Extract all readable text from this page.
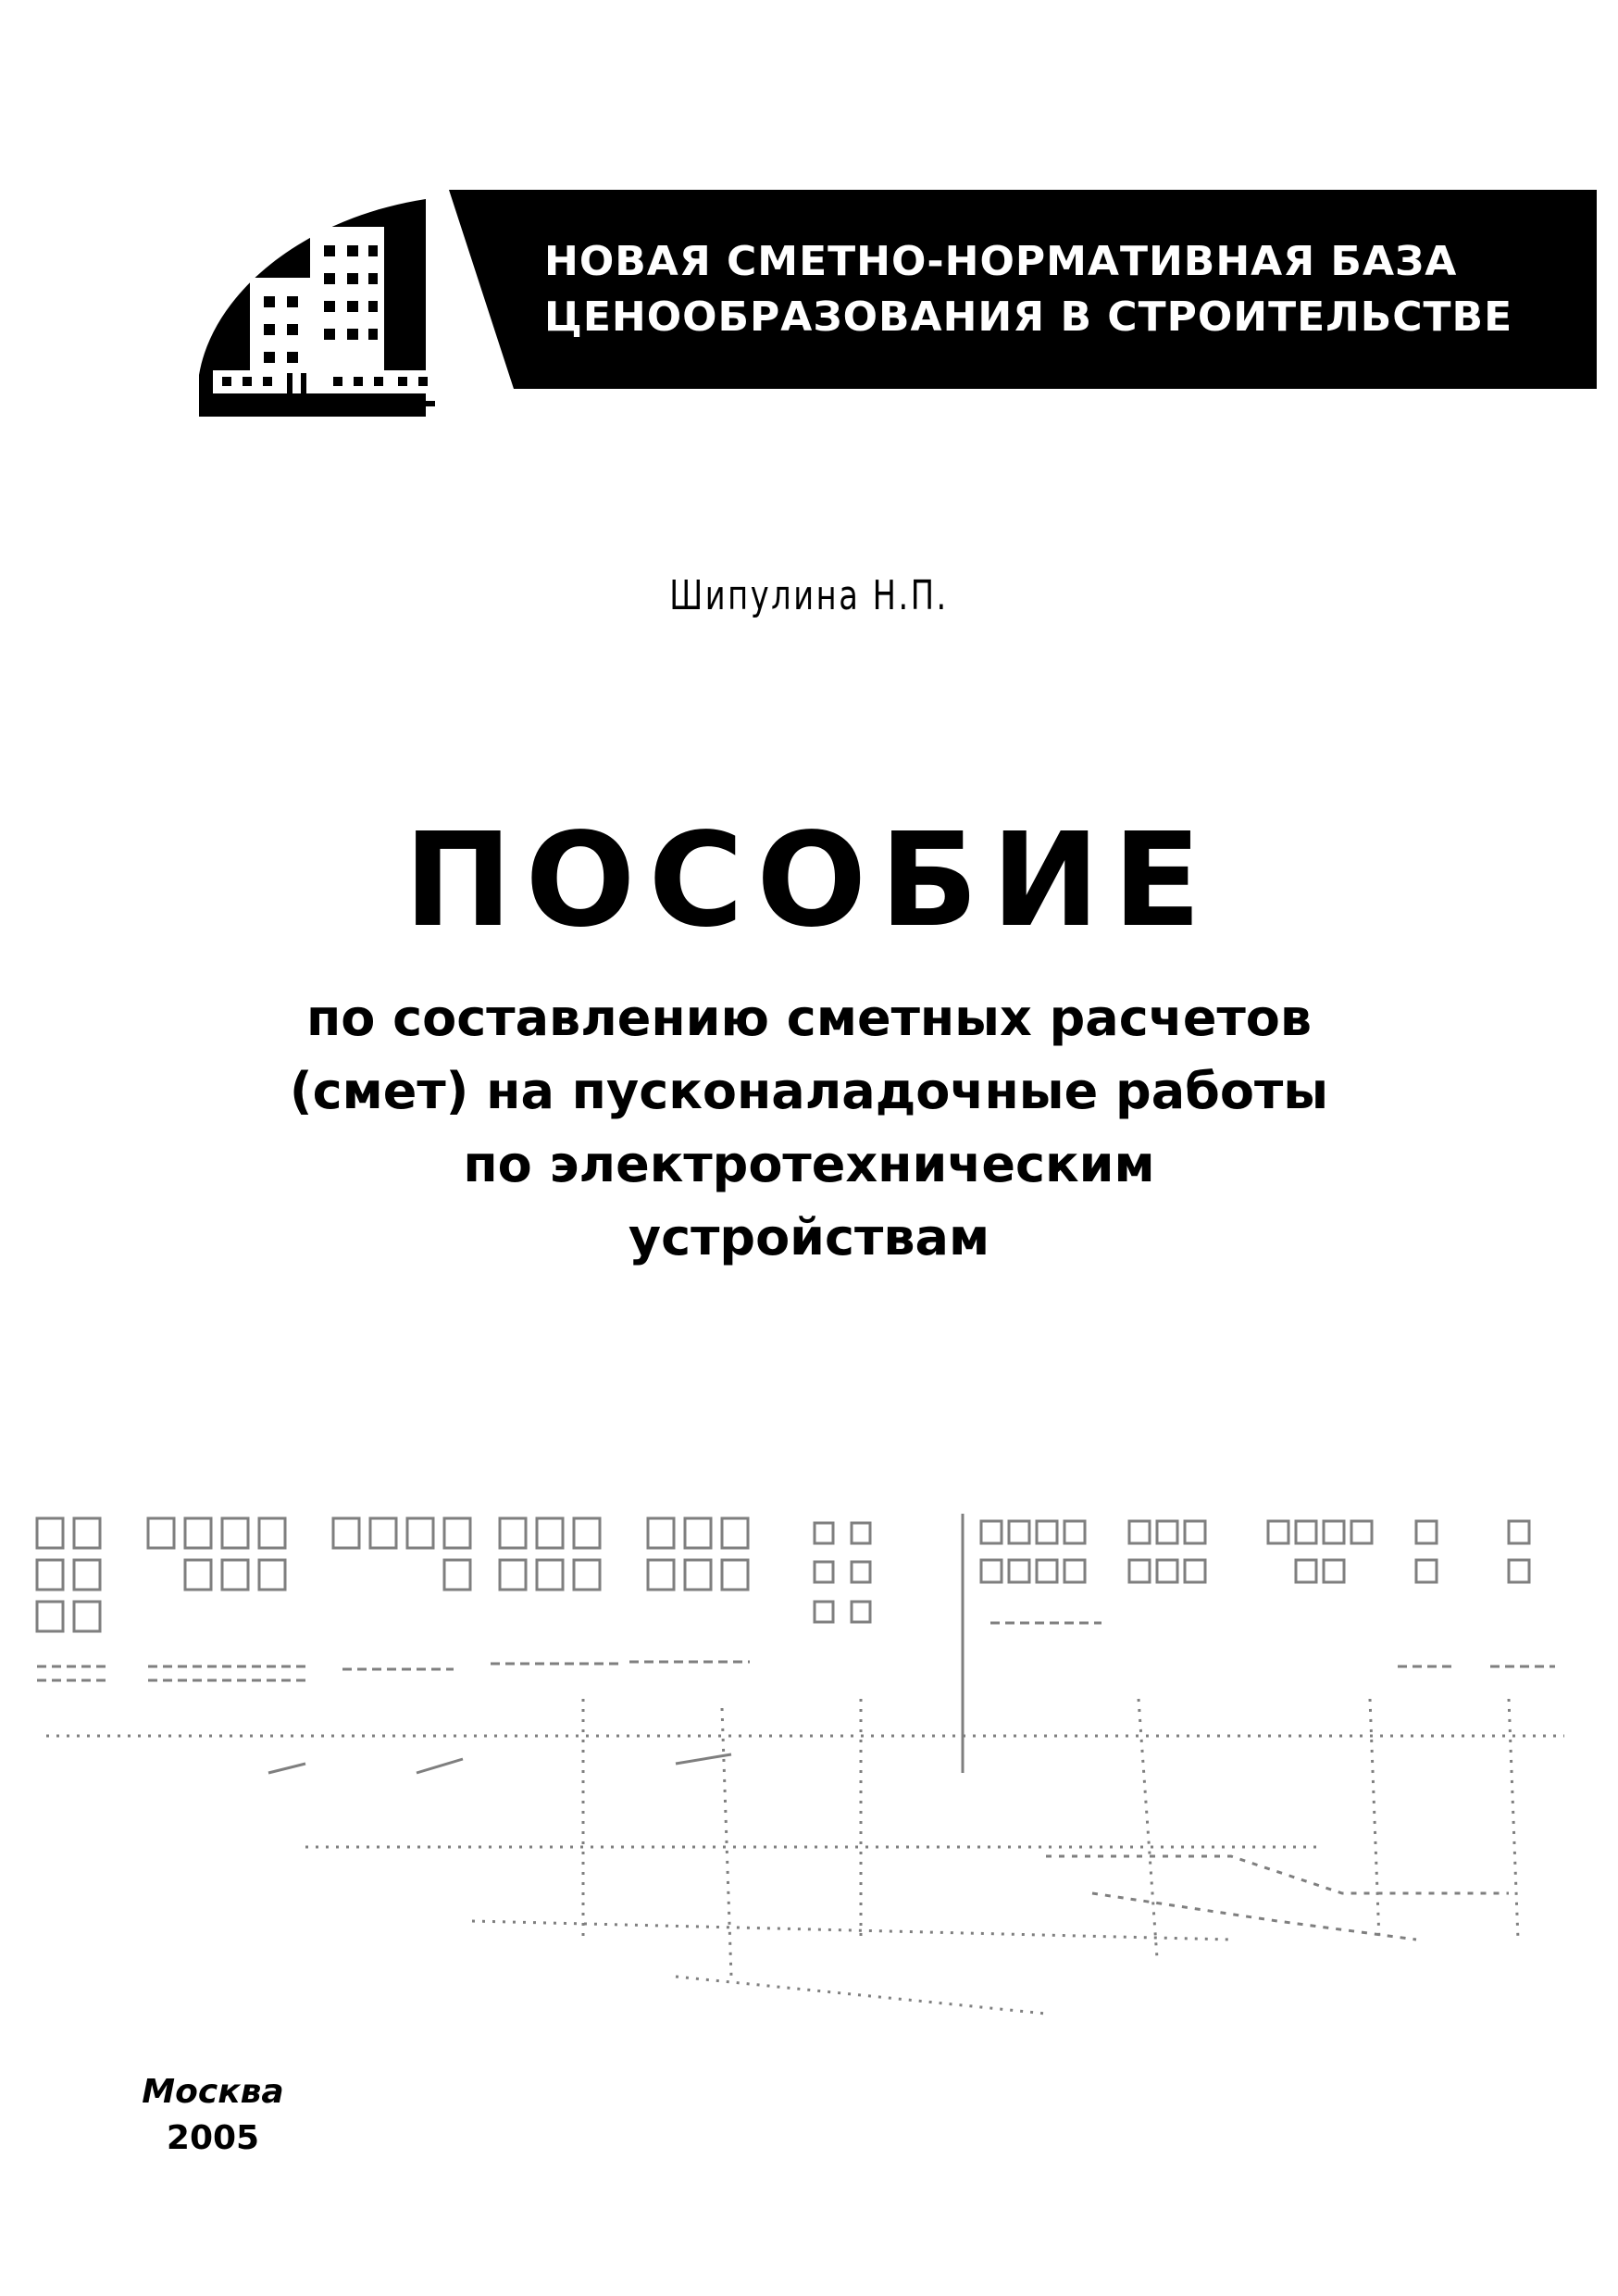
НОВАЯ СМЕТНО-НОРМАТИВНАЯ БАЗА
ЦЕНООБРАЗОВАНИЯ В СТРОИТЕЛЬСТВЕ
Шипулина Н.П.
ПОСОБИЕ
по составлению сметных расчетов
(смет) на пусконаладочные работы
по электротехническим
устройствам
Москва
2005
